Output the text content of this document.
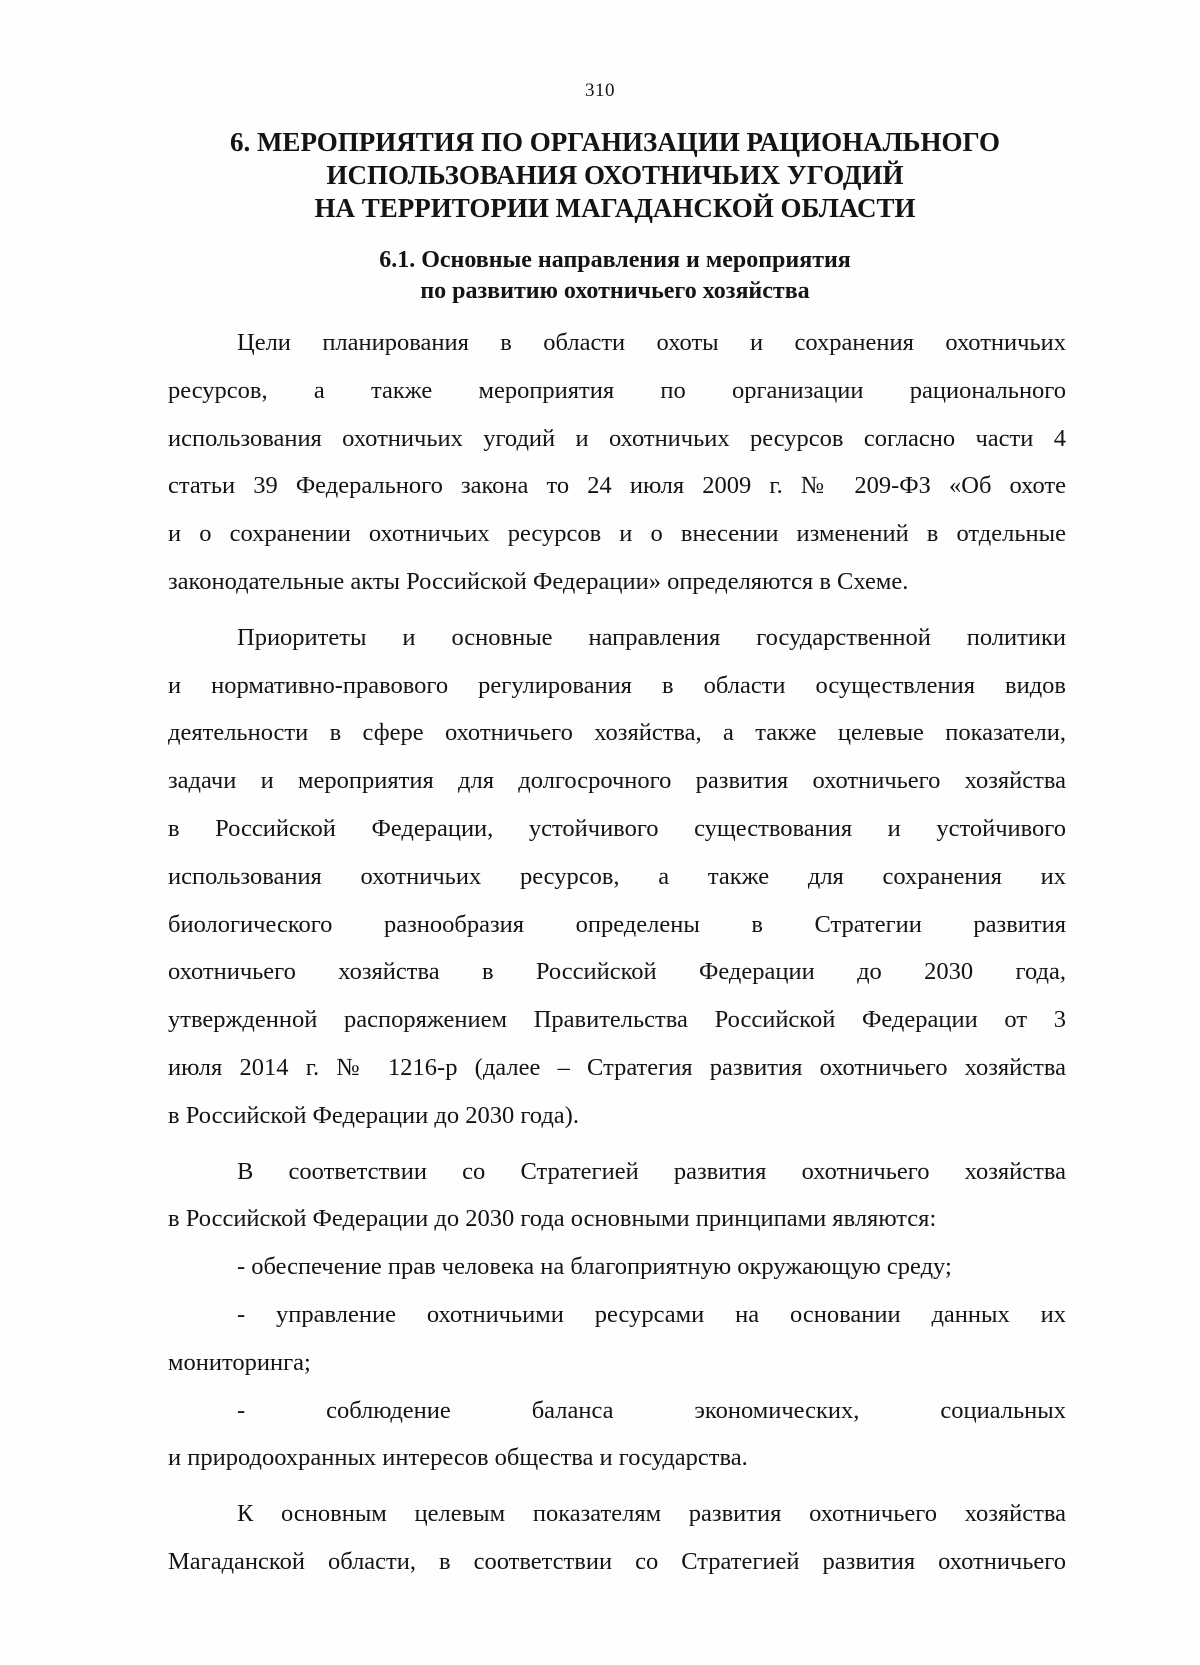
310
6. МЕРОПРИЯТИЯ ПО ОРГАНИЗАЦИИ РАЦИОНАЛЬНОГО
ИСПОЛЬЗОВАНИЯ ОХОТНИЧЬИХ УГОДИЙ
НА ТЕРРИТОРИИ МАГАДАНСКОЙ ОБЛАСТИ
6.1. Основные направления и мероприятия
по развитию охотничьего хозяйства
Цели планирования в области охоты и сохранения охотничьих
ресурсов, а также мероприятия по организации рационального
использования охотничьих угодий и охотничьих ресурсов согласно части 4
статьи 39 Федерального закона то 24 июля 2009 г. № 209-ФЗ «Об охоте
и о сохранении охотничьих ресурсов и о внесении изменений в отдельные
законодательные акты Российской Федерации» определяются в Схеме.
Приоритеты и основные направления государственной политики
и нормативно-правового регулирования в области осуществления видов
деятельности в сфере охотничьего хозяйства, а также целевые показатели,
задачи и мероприятия для долгосрочного развития охотничьего хозяйства
в Российской Федерации, устойчивого существования и устойчивого
использования охотничьих ресурсов, а также для сохранения их
биологического разнообразия определены в Стратегии развития
охотничьего хозяйства в Российской Федерации до 2030 года,
утвержденной распоряжением Правительства Российской Федерации от 3
июля 2014 г. № 1216-р (далее – Стратегия развития охотничьего хозяйства
в Российской Федерации до 2030 года).
В соответствии со Стратегией развития охотничьего хозяйства
в Российской Федерации до 2030 года основными принципами являются:
- обеспечение прав человека на благоприятную окружающую среду;
- управление охотничьими ресурсами на основании данных их
мониторинга;
- соблюдение баланса экономических, социальных
и природоохранных интересов общества и государства.
К основным целевым показателям развития охотничьего хозяйства
Магаданской области, в соответствии со Стратегией развития охотничьего
